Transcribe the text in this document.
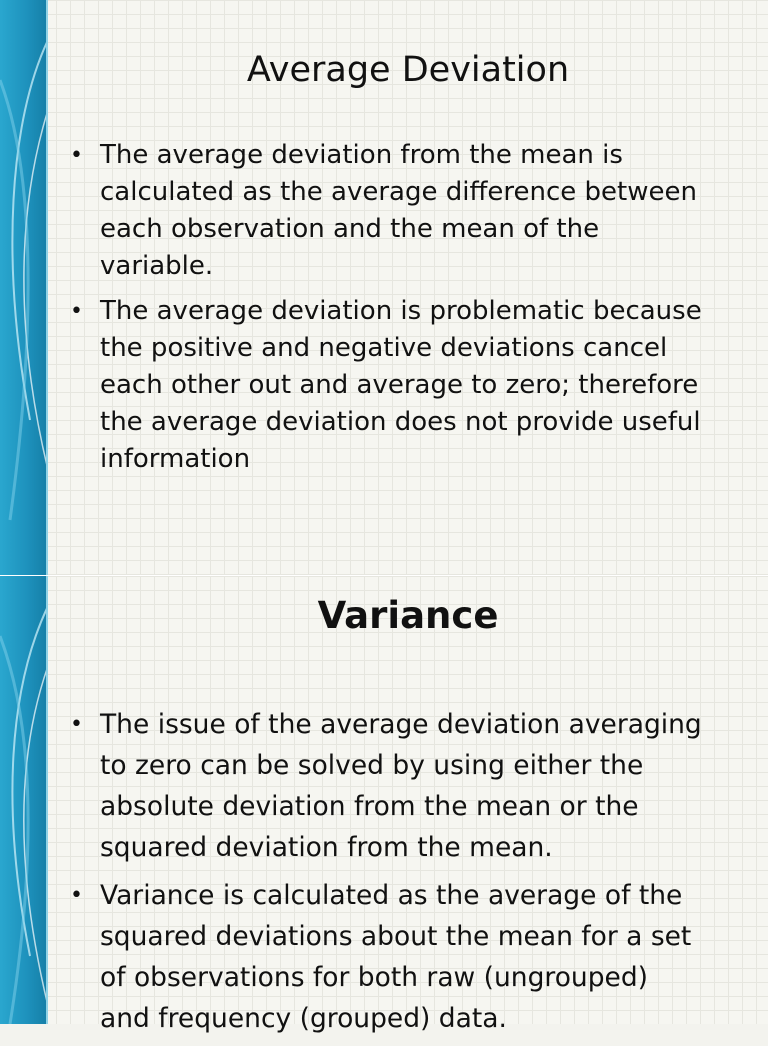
Average Deviation
• The average deviation from the mean is
calculated as the average difference between
each observation and the mean of the
variable.
• The average deviation is problematic because
the positive and negative deviations cancel
each other out and average to zero; therefore
the average deviation does not provide useful
information
Variance
• The issue of the average deviation averaging
to zero can be solved by using either the
absolute deviation from the mean or the
squared deviation from the mean.
• Variance is calculated as the average of the
squared deviations about the mean for a set
of observations for both raw (ungrouped)
and frequency (grouped) data.
